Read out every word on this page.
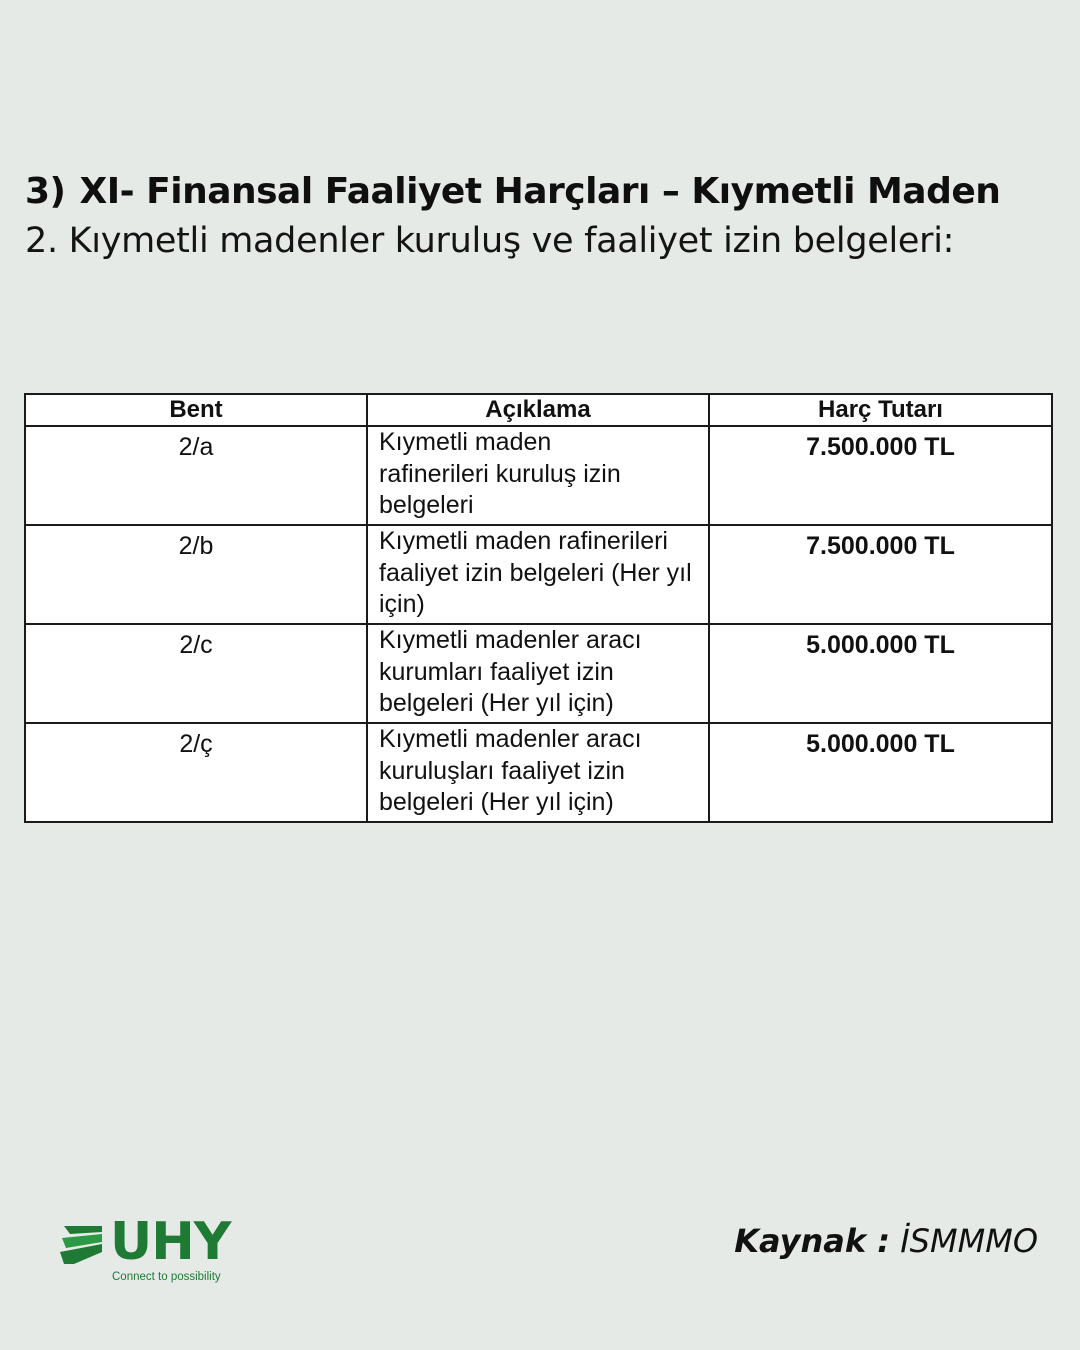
3) XI- Finansal Faaliyet Harçları – Kıymetli Maden
2. Kıymetli madenler kuruluş ve faaliyet izin belgeleri:
Bent	Açıklama	Harç Tutarı
2/a	Kıymetli maden rafinerileri kuruluş izin belgeleri	7.500.000 TL
2/b	Kıymetli maden rafinerileri faaliyet izin belgeleri (Her yıl için)	7.500.000 TL
2/c	Kıymetli madenler aracı kurumları faaliyet izin belgeleri (Her yıl için)	5.000.000 TL
2/ç	Kıymetli madenler aracı kuruluşları faaliyet izin belgeleri (Her yıl için)	5.000.000 TL
UHY
Connect to possibility
Kaynak : İSMMMO
